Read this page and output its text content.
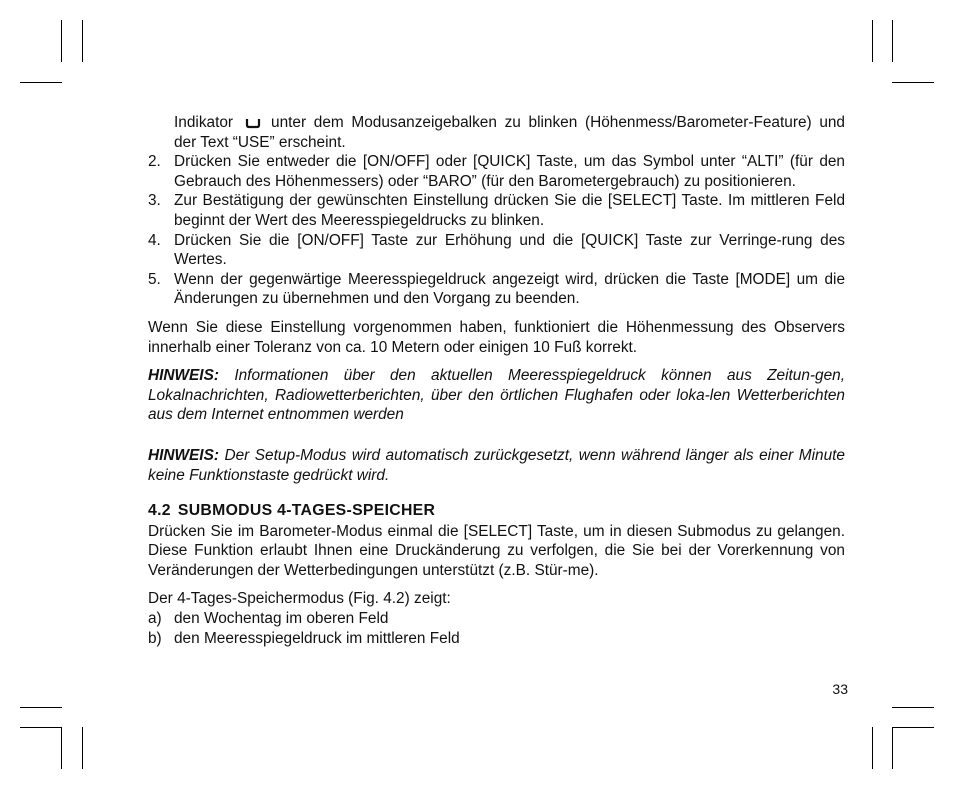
Indikator unter dem Modusanzeigebalken zu blinken (Höhenmess/Barometer-Feature) und der Text “USE” erscheint.

2. Drücken Sie entweder die [ON/OFF] oder [QUICK] Taste, um das Symbol unter “ALTI” (für den Gebrauch des Höhenmessers) oder “BARO” (für den Barometergebrauch) zu positionieren.
3. Zur Bestätigung der gewünschten Einstellung drücken Sie die [SELECT] Taste. Im mittleren Feld beginnt der Wert des Meeresspiegeldrucks zu blinken.
4. Drücken Sie die [ON/OFF] Taste zur Erhöhung und die [QUICK] Taste zur Verringe-rung des Wertes.
5. Wenn der gegenwärtige Meeresspiegeldruck angezeigt wird, drücken die Taste [MODE] um die Änderungen zu übernehmen und den Vorgang zu beenden.

Wenn Sie diese Einstellung vorgenommen haben, funktioniert die Höhenmessung des Observers innerhalb einer Toleranz von ca. 10 Metern oder einigen 10 Fuß korrekt.

HINWEIS: Informationen über den aktuellen Meeresspiegeldruck können aus Zeitun-gen, Lokalnachrichten, Radiowetterberichten, über den örtlichen Flughafen oder loka-len Wetterberichten aus dem Internet entnommen werden

HINWEIS: Der Setup-Modus wird automatisch zurückgesetzt, wenn während länger als einer Minute keine Funktionstaste gedrückt wird.

4.2 SUBMODUS 4-TAGES-SPEICHER

Drücken Sie im Barometer-Modus einmal die [SELECT] Taste, um in diesen Submodus zu gelangen. Diese Funktion erlaubt Ihnen eine Druckänderung zu verfolgen, die Sie bei der Vorerkennung von Veränderungen der Wetterbedingungen unterstützt (z.B. Stür-me).

Der 4-Tages-Speichermodus (Fig. 4.2) zeigt:

a) den Wochentag im oberen Feld
b) den Meeresspiegeldruck im mittleren Feld
33
